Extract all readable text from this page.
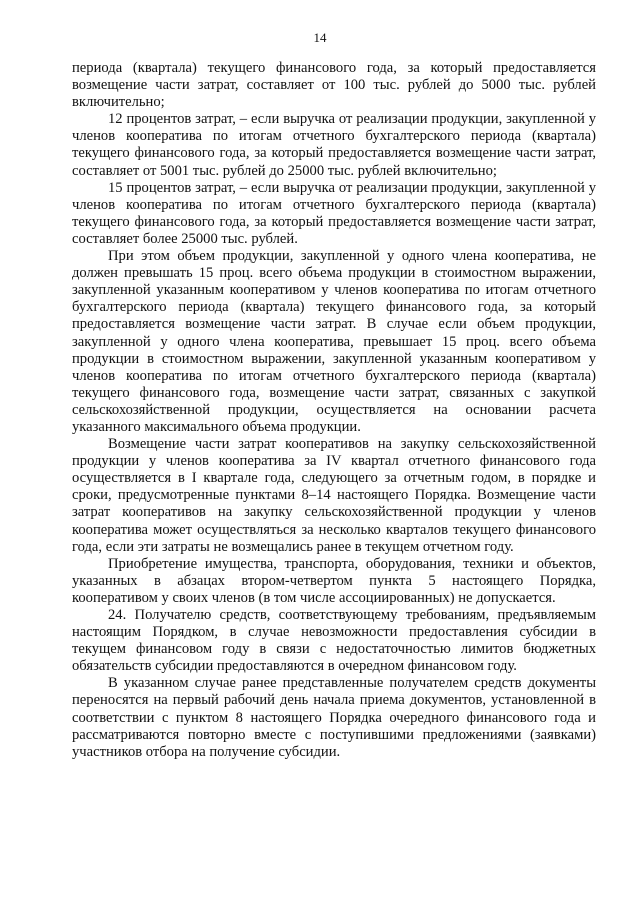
14

периода (квартала) текущего финансового года, за который предоставляется возмещение части затрат, составляет от 100 тыс. рублей до 5000 тыс. рублей включительно;

12 процентов затрат, – если выручка от реализации продукции, закупленной у членов кооператива по итогам отчетного бухгалтерского периода (квартала) текущего финансового года, за который предоставляется возмещение части затрат, составляет от 5001 тыс. рублей до 25000 тыс. рублей включительно;

15 процентов затрат, – если выручка от реализации продукции, закупленной у членов кооператива по итогам отчетного бухгалтерского периода (квартала) текущего финансового года, за который предоставляется возмещение части затрат, составляет более 25000 тыс. рублей.

При этом объем продукции, закупленной у одного члена кооператива, не должен превышать 15 проц. всего объема продукции в стоимостном выражении, закупленной указанным кооперативом у членов кооператива по итогам отчетного бухгалтерского периода (квартала) текущего финансового года, за который предоставляется возмещение части затрат. В случае если объем продукции, закупленной у одного члена кооператива, превышает 15 проц. всего объема продукции в стоимостном выражении, закупленной указанным кооперативом у членов кооператива по итогам отчетного бухгалтерского периода (квартала) текущего финансового года, возмещение части затрат, связанных с закупкой сельскохозяйственной продукции, осуществляется на основании расчета указанного максимального объема продукции.

Возмещение части затрат кооперативов на закупку сельскохозяйственной продукции у членов кооператива за IV квартал отчетного финансового года осуществляется в I квартале года, следующего за отчетным годом, в порядке и сроки, предусмотренные пунктами 8–14 настоящего Порядка. Возмещение части затрат кооперативов на закупку сельскохозяйственной продукции у членов кооператива может осуществляться за несколько кварталов текущего финансового года, если эти затраты не возмещались ранее в текущем отчетном году.

Приобретение имущества, транспорта, оборудования, техники и объектов, указанных в абзацах втором-четвертом пункта 5 настоящего Порядка, кооперативом у своих членов (в том числе ассоциированных) не допускается.

24. Получателю средств, соответствующему требованиям, предъявляемым настоящим Порядком, в случае невозможности предоставления субсидии в текущем финансовом году в связи с недостаточностью лимитов бюджетных обязательств субсидии предоставляются в очередном финансовом году.

В указанном случае ранее представленные получателем средств документы переносятся на первый рабочий день начала приема документов, установленной в соответствии с пунктом 8 настоящего Порядка очередного финансового года и рассматриваются повторно вместе с поступившими предложениями (заявками) участников отбора на получение субсидии.
